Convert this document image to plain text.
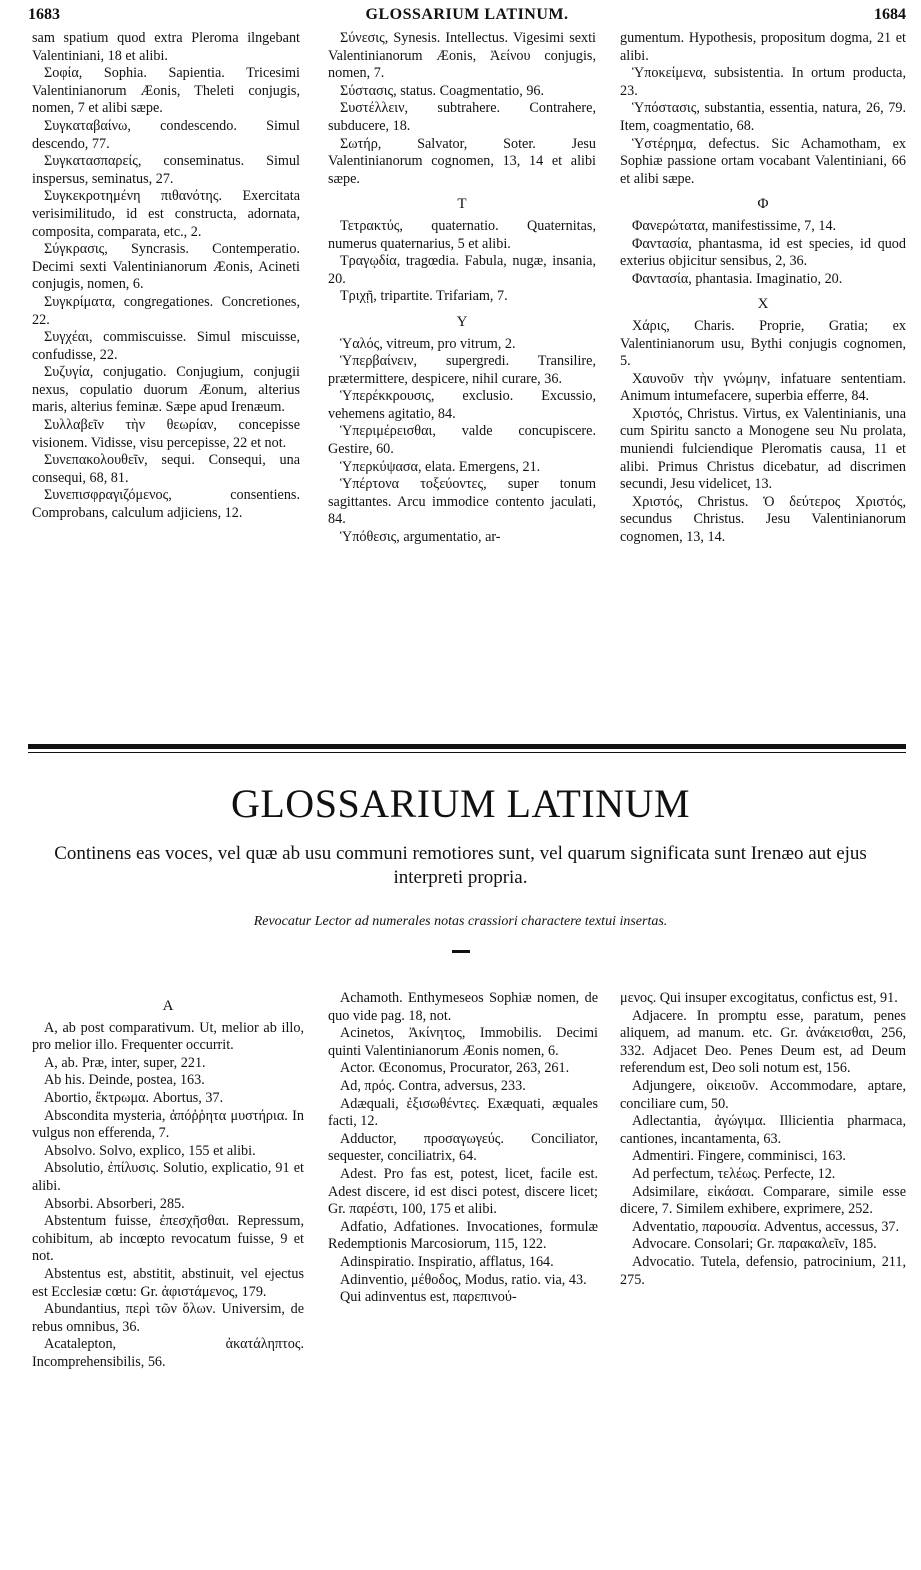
1683	GLOSSARIUM LATINUM.	1684

sam spatium quod extra Pleroma ilngebant Valentiniani, 18 et alibi.

Σοφία, Sophia. Sapientia. Tricesimi Valentinianorum Æonis, Theleti conjugis, nomen, 7 et alibi sæpe.

Συγκαταβαίνω, condescendo. Simul descendo, 77.

Συγκατασπαρείς, conseminatus. Simul inspersus, seminatus, 27.

Συγκεκροτημένη πιθανότης. Exercitata verisimilitudo, id est constructa, adornata, composita, comparata, etc., 2.

Σύγκρασις, Syncrasis. Contemperatio. Decimi sexti Valentinianorum Æonis, Acineti conjugis, nomen, 6.

Συγκρίματα, congregationes. Concretiones, 22.

Συγχέαι, commiscuisse. Simul miscuisse, confudisse, 22.

Συζυγία, conjugatio. Conjugium, conjugii nexus, copulatio duorum Æonum, alterius maris, alterius feminæ. Sæpe apud Irenæum.

Συλλαβεῖν τὴν θεωρίαν, concepisse visionem. Vidisse, visu percepisse, 22 et not.

Συνεπακολουθεῖν, sequi. Consequi, una consequi, 68, 81.

Συνεπισφραγιζόμενος, consentiens. Comprobans, calculum adjiciens, 12.

Σύνεσις, Synesis. Intellectus. Vigesimi sexti Valentinianorum Æonis, Ἀείνου conjugis, nomen, 7.

Σύστασις, status. Coagmentatio, 96.

Συστέλλειν, subtrahere. Contrahere, subducere, 18.

Σωτήρ, Salvator, Soter. Jesu Valentinianorum cognomen, 13, 14 et alibi sæpe.

T

Τετρακτύς, quaternatio. Quaternitas, numerus quaternarius, 5 et alibi.

Τραγῳδία, tragœdia. Fabula, nugæ, insania, 20.

Τριχῇ, tripartite. Trifariam, 7.

Υ

Ὑαλός, vitreum, pro vitrum, 2.

Ὑπερβαίνειν, supergredi. Transilire, prætermittere, despicere, nihil curare, 36.

Ὑπερέκκρουσις, exclusio. Excussio, vehemens agitatio, 84.

Ὑπεριμέρεισθαι, valde concupiscere. Gestire, 60.

Ὑπερκύψασα, elata. Emergens, 21.

Ὑπέρτονα τοξεύοντες, super tonum sagittantes. Arcu immodice contento jaculati, 84.

Ὑπόθεσις, argumentatio, ar-

gumentum. Hypothesis, propositum dogma, 21 et alibi.

Ὑποκείμενα, subsistentia. In ortum producta, 23.

Ὑπόστασις, substantia, essentia, natura, 26, 79. Item, coagmentatio, 68.

Ὑστέρημα, defectus. Sic Achamotham, ex Sophiæ passione ortam vocabant Valentiniani, 66 et alibi sæpe.

Φ

Φανερώτατα, manifestissime, 7, 14.

Φαντασία, phantasma, id est species, id quod exterius objicitur sensibus, 2, 36.

Φαντασία, phantasia. Imaginatio, 20.

X

Χάρις, Charis. Proprie, Gratia; ex Valentinianorum usu, Bythi conjugis cognomen, 5.

Χαυνοῦν τὴν γνώμην, infatuare sententiam. Animum intumefacere, superbia efferre, 84.

Χριστός, Christus. Virtus, ex Valentinianis, una cum Spiritu sancto a Monogene seu Nu prolata, muniendi fulciendique Pleromatis causa, 11 et alibi. Primus Christus dicebatur, ad discrimen secundi, Jesu videlicet, 13.

Χριστός, Christus. Ὁ δεύτερος Χριστός, secundus Christus. Jesu Valentinianorum cognomen, 13, 14.

GLOSSARIUM LATINUM
Continens eas voces, vel quæ ab usu communi remotiores sunt, vel quarum significata sunt Irenæo aut ejus interpreti propria.
Revocatur Lector ad numerales notas crassiori charactere textui insertas.

A

A, ab post comparativum. Ut, melior ab illo, pro melior illo. Frequenter occurrit.

A, ab. Præ, inter, super, 221.

Ab his. Deinde, postea, 163.

Abortio, ἔκτρωμα. Abortus, 37.

Abscondita mysteria, ἀπόῤῥητα μυστήρια. In vulgus non efferenda, 7.

Absolvo. Solvo, explico, 155 et alibi.

Absolutio, ἐπίλυσις. Solutio, explicatio, 91 et alibi.

Absorbi. Absorberi, 285.

Abstentum fuisse, ἐπεσχῆσθαι. Repressum, cohibitum, ab incœpto revocatum fuisse, 9 et not.

Abstentus est, abstitit, abstinuit, vel ejectus est Ecclesiæ cœtu: Gr. ἀφιστάμενος, 179.

Abundantius, περὶ τῶν ὅλων. Universim, de rebus omnibus, 36.

Acatalepton, ἀκατάληπτος. Incomprehensibilis, 56.

Achamoth. Enthymeseos Sophiæ nomen, de quo vide pag. 18, not.

Acinetos, Ἀκίνητος, Immobilis. Decimi quinti Valentinianorum Æonis nomen, 6.

Actor. Œconomus, Procurator, 263, 261.

Ad, πρός. Contra, adversus, 233.

Adæquali, ἐξισωθέντες. Exæquati, æquales facti, 12.

Adductor, προσαγωγεύς. Conciliator, sequester, conciliatrix, 64.

Adest. Pro fas est, potest, licet, facile est. Adest discere, id est disci potest, discere licet; Gr. παρέστι, 100, 175 et alibi.

Adfatio, Adfationes. Invocationes, formulæ Redemptionis Marcosiorum, 115, 122.

Adinspiratio. Inspiratio, afflatus, 164.

Adinventio, μέθοδος, Modus, ratio. via, 43.

Qui adinventus est, παρεπινού-

μενος. Qui insuper excogitatus, confictus est, 91.

Adjacere. In promptu esse, paratum, penes aliquem, ad manum. etc. Gr. ἀνάκεισθαι, 256, 332. Adjacet Deo. Penes Deum est, ad Deum referendum est, Deo soli notum est, 156.

Adjungere, οἰκειοῦν. Accommodare, aptare, conciliare cum, 50.

Adlectantia, ἀγώγιμα. Illicientia pharmaca, cantiones, incantamenta, 63.

Admentiri. Fingere, comminisci, 163.

Ad perfectum, τελέως. Perfecte, 12.

Adsimilare, εἰκάσαι. Comparare, simile esse dicere, 7. Similem exhibere, exprimere, 252.

Adventatio, παρουσία. Adventus, accessus, 37.

Advocare. Consolari; Gr. παρακαλεῖν, 185.

Advocatio. Tutela, defensio, patrocinium, 211, 275.
